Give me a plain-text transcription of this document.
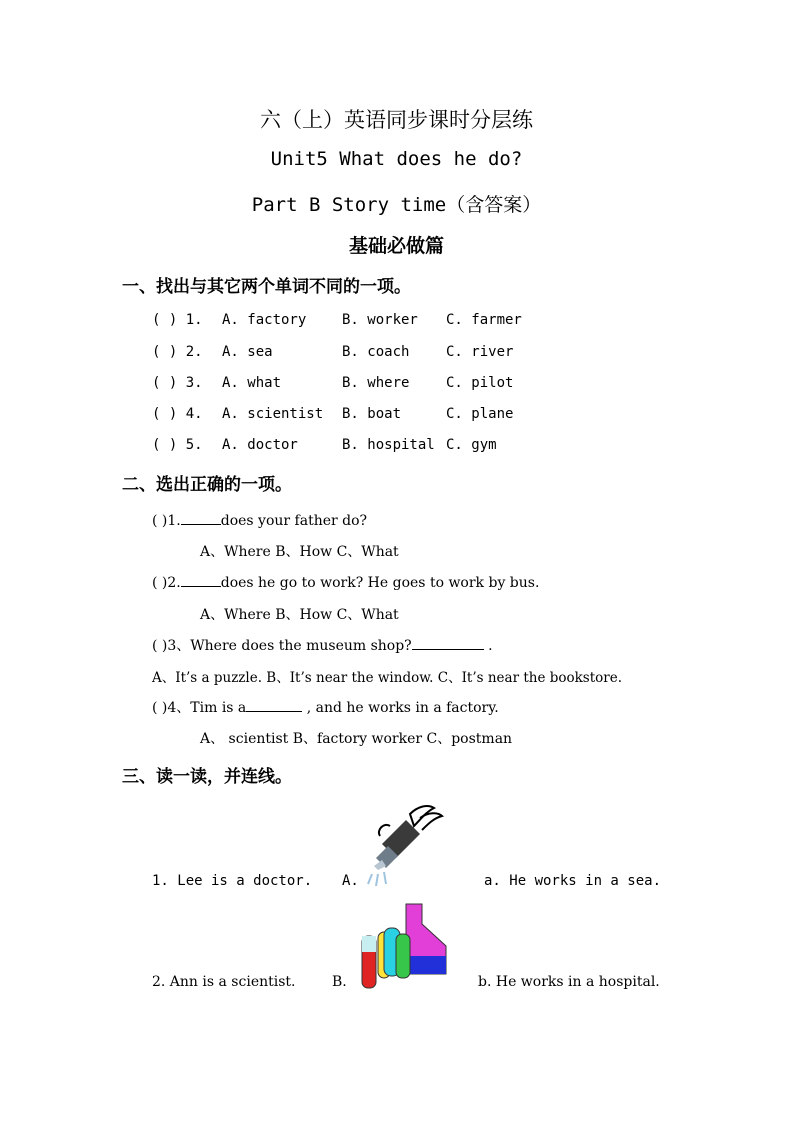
六（上）英语同步课时分层练
Unit5 What does he do?
Part B Story time（含答案）
基础必做篇
一、找出与其它两个单词不同的一项。
( ) 1. A. factory	B. worker C. farmer
( ) 2. A. sea	B. coach	C. river
( ) 3. A. what	B. where	C. pilot
( ) 4. A. scientist B. boat	C. plane
( ) 5. A. doctor	B. hospital C. gym
二、选出正确的一项。
( )1.	does your father do?
A、Where B、How C、What
( )2.	does he go to work? He goes to work by bus.
A、Where B、How C、What
( )3、Where does the museum shop?	.
A、It’s a puzzle. B、It’s near the window. C、It’s near the bookstore.
( )4、Tim is a	, and he works in a factory.
A、 scientist B、factory worker C、postman
三、读一读，并连线。
1. Lee is a doctor. A.	a. He works in a sea.
2. Ann is a scientist.	B.	b. He works in a hospital.
